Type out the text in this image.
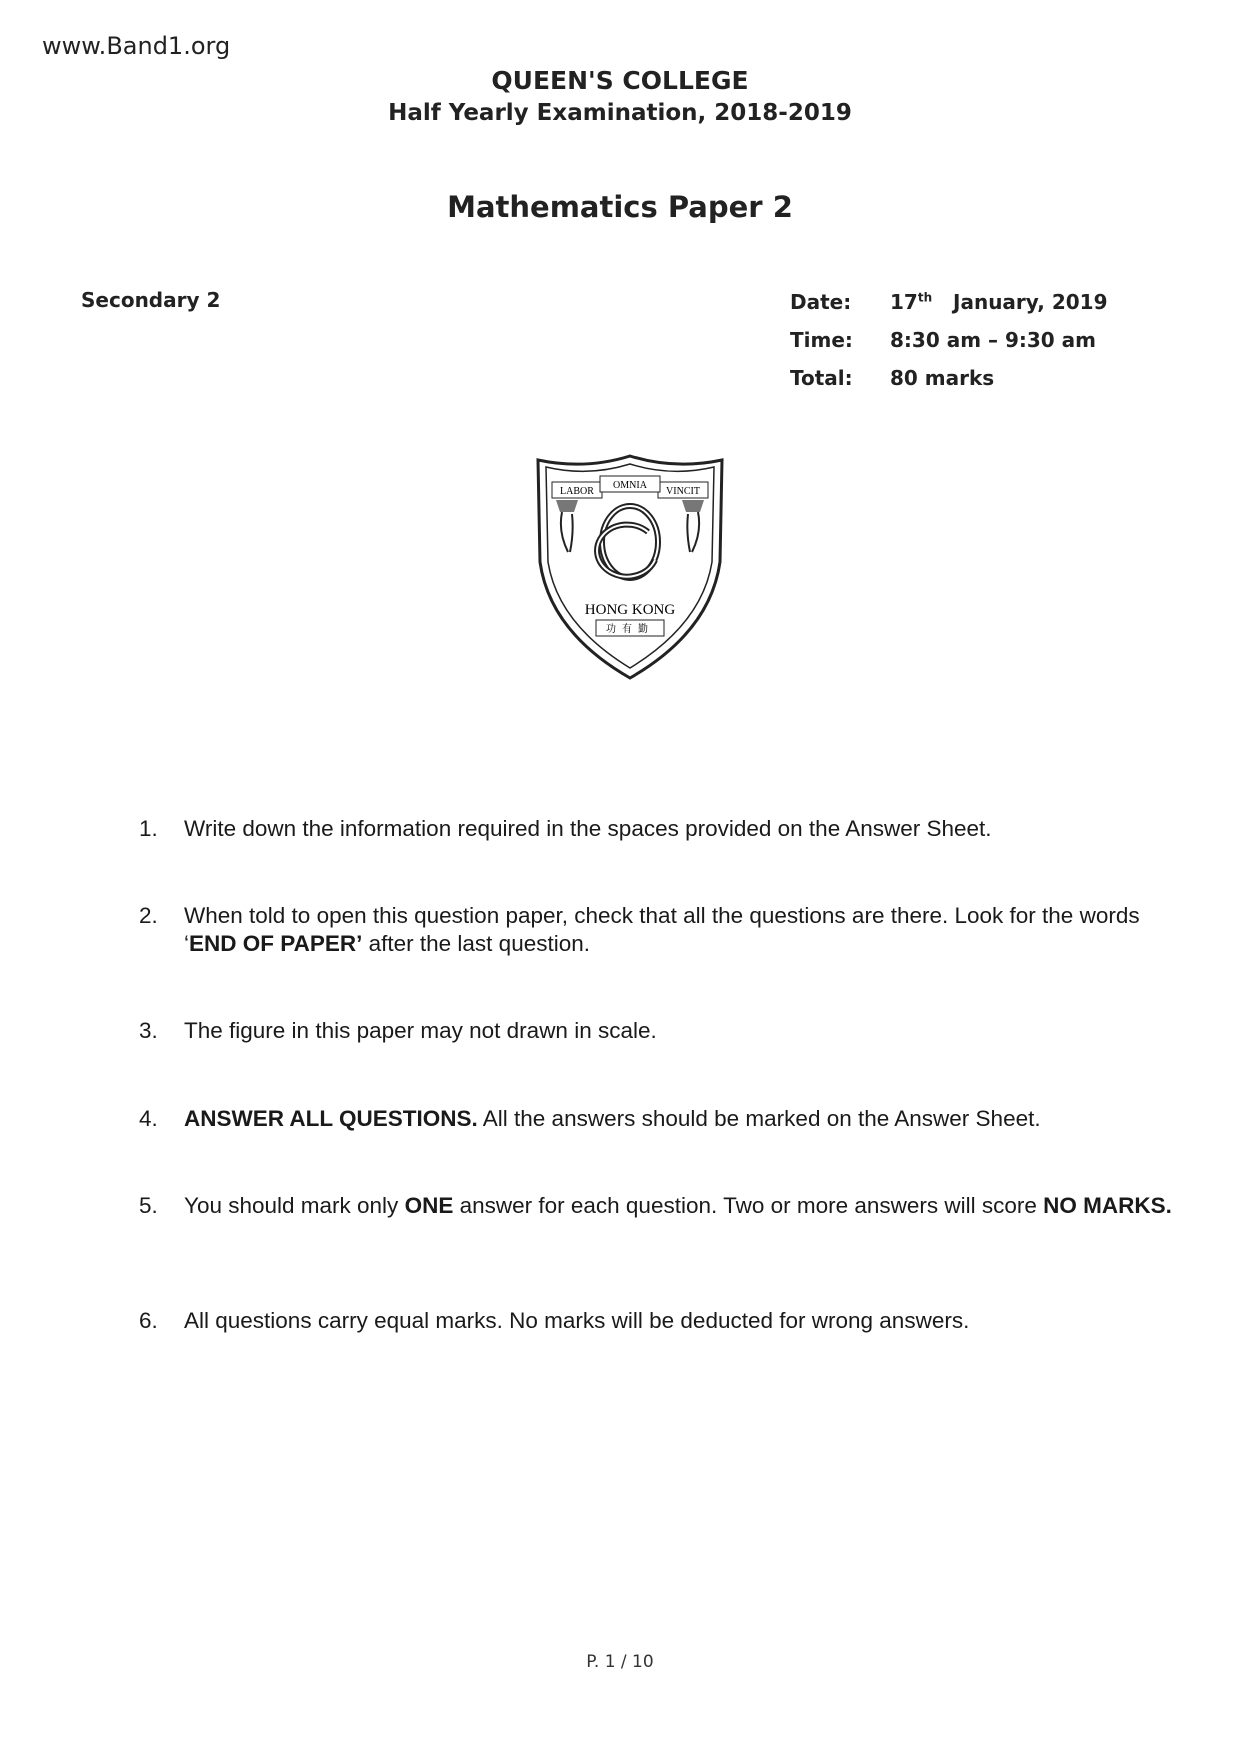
www.Band1.org
QUEEN'S COLLEGE
Half Yearly Examination, 2018-2019
Mathematics Paper 2
Secondary 2	Date:	17th January, 2019
Time:	8:30 am – 9:30 am
Total:	80 marks
LABOR
OMNIA
VINCIT
HONG KONG
功有勤
1.	Write down the information required in the spaces provided on the Answer Sheet.
2.	When told to open this question paper, check that all the questions are there. Look for the words ‘END OF PAPER’ after the last question.
3.	The figure in this paper may not drawn in scale.
4.	ANSWER ALL QUESTIONS. All the answers should be marked on the Answer Sheet.
5.	You should mark only ONE answer for each question. Two or more answers will score NO MARKS.
6.	All questions carry equal marks. No marks will be deducted for wrong answers.
P. 1 / 10
